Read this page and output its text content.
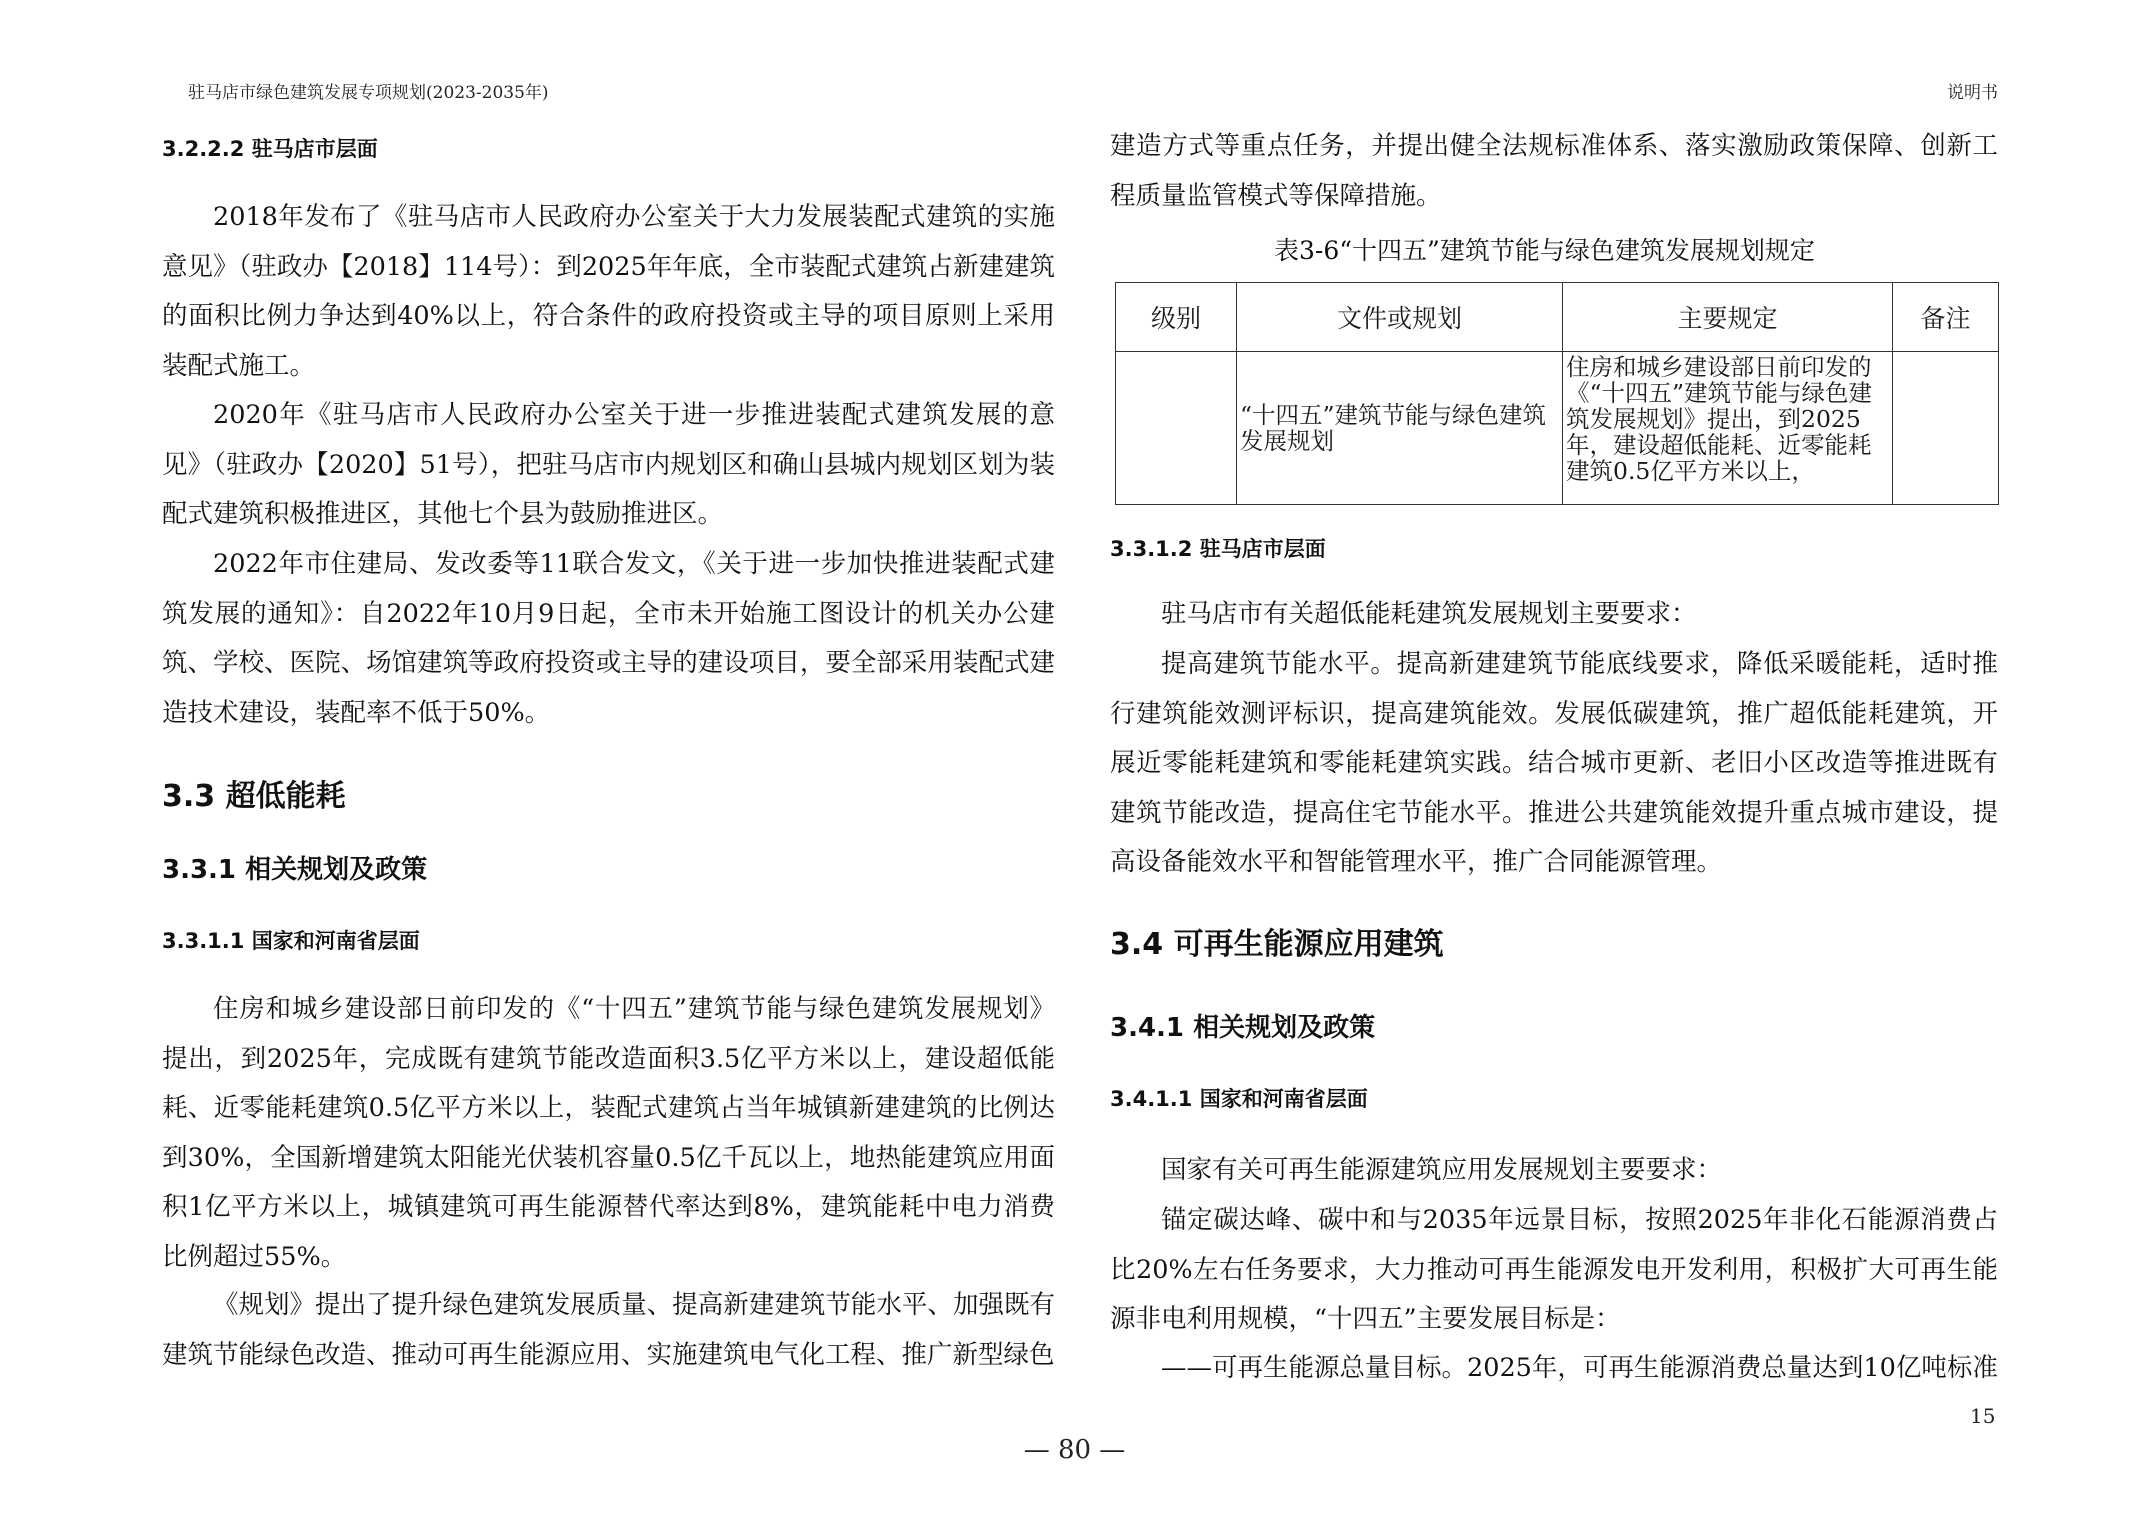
驻马店市绿色建筑发展专项规划(2023-2035年)	说明书
3.2.2.2 驻马店市层面

2018年发布了《驻马店市人民政府办公室关于大力发展装配式建筑的实施意见》（驻政办【2018】114号）：到2025年年底，全市装配式建筑占新建建筑的面积比例力争达到40%以上，符合条件的政府投资或主导的项目原则上采用装配式施工。

2020年《驻马店市人民政府办公室关于进一步推进装配式建筑发展的意见》（驻政办【2020】51号），把驻马店市内规划区和确山县城内规划区划为装配式建筑积极推进区，其他七个县为鼓励推进区。

2022年市住建局、发改委等11联合发文，《关于进一步加快推进装配式建筑发展的通知》：自2022年10月9日起，全市未开始施工图设计的机关办公建筑、学校、医院、场馆建筑等政府投资或主导的建设项目，要全部采用装配式建造技术建设，装配率不低于50%。

3.3 超低能耗
3.3.1 相关规划及政策
3.3.1.1 国家和河南省层面

住房和城乡建设部日前印发的《“十四五”建筑节能与绿色建筑发展规划》提出，到2025年，完成既有建筑节能改造面积3.5亿平方米以上，建设超低能耗、近零能耗建筑0.5亿平方米以上，装配式建筑占当年城镇新建建筑的比例达到30%，全国新增建筑太阳能光伏装机容量0.5亿千瓦以上，地热能建筑应用面积1亿平方米以上，城镇建筑可再生能源替代率达到8%，建筑能耗中电力消费比例超过55%。

《规划》提出了提升绿色建筑发展质量、提高新建建筑节能水平、加强既有建筑节能绿色改造、推动可再生能源应用、实施建筑电气化工程、推广新型绿色

建造方式等重点任务，并提出健全法规标准体系、落实激励政策保障、创新工程质量监管模式等保障措施。

表3-6“十四五”建筑节能与绿色建筑发展规划规定
级别	文件或规划	主要规定	备注
	“十四五”建筑节能与绿色建筑发展规划	住房和城乡建设部日前印发的《“十四五”建筑节能与绿色建筑发展规划》提出，到2025年，建设超低能耗、近零能耗建筑0.5亿平方米以上，	
3.3.1.2 驻马店市层面

驻马店市有关超低能耗建筑发展规划主要要求：

提高建筑节能水平。提高新建建筑节能底线要求，降低采暖能耗，适时推行建筑能效测评标识，提高建筑能效。发展低碳建筑，推广超低能耗建筑，开展近零能耗建筑和零能耗建筑实践。结合城市更新、老旧小区改造等推进既有建筑节能改造，提高住宅节能水平。推进公共建筑能效提升重点城市建设，提高设备能效水平和智能管理水平，推广合同能源管理。

3.4 可再生能源应用建筑
3.4.1 相关规划及政策
3.4.1.1 国家和河南省层面

国家有关可再生能源建筑应用发展规划主要要求：

锚定碳达峰、碳中和与2035年远景目标，按照2025年非化石能源消费占比20%左右任务要求，大力推动可再生能源发电开发利用，积极扩大可再生能源非电利用规模，“十四五”主要发展目标是：

——可再生能源总量目标。2025年，可再生能源消费总量达到10亿吨标准

15
— 80 —
